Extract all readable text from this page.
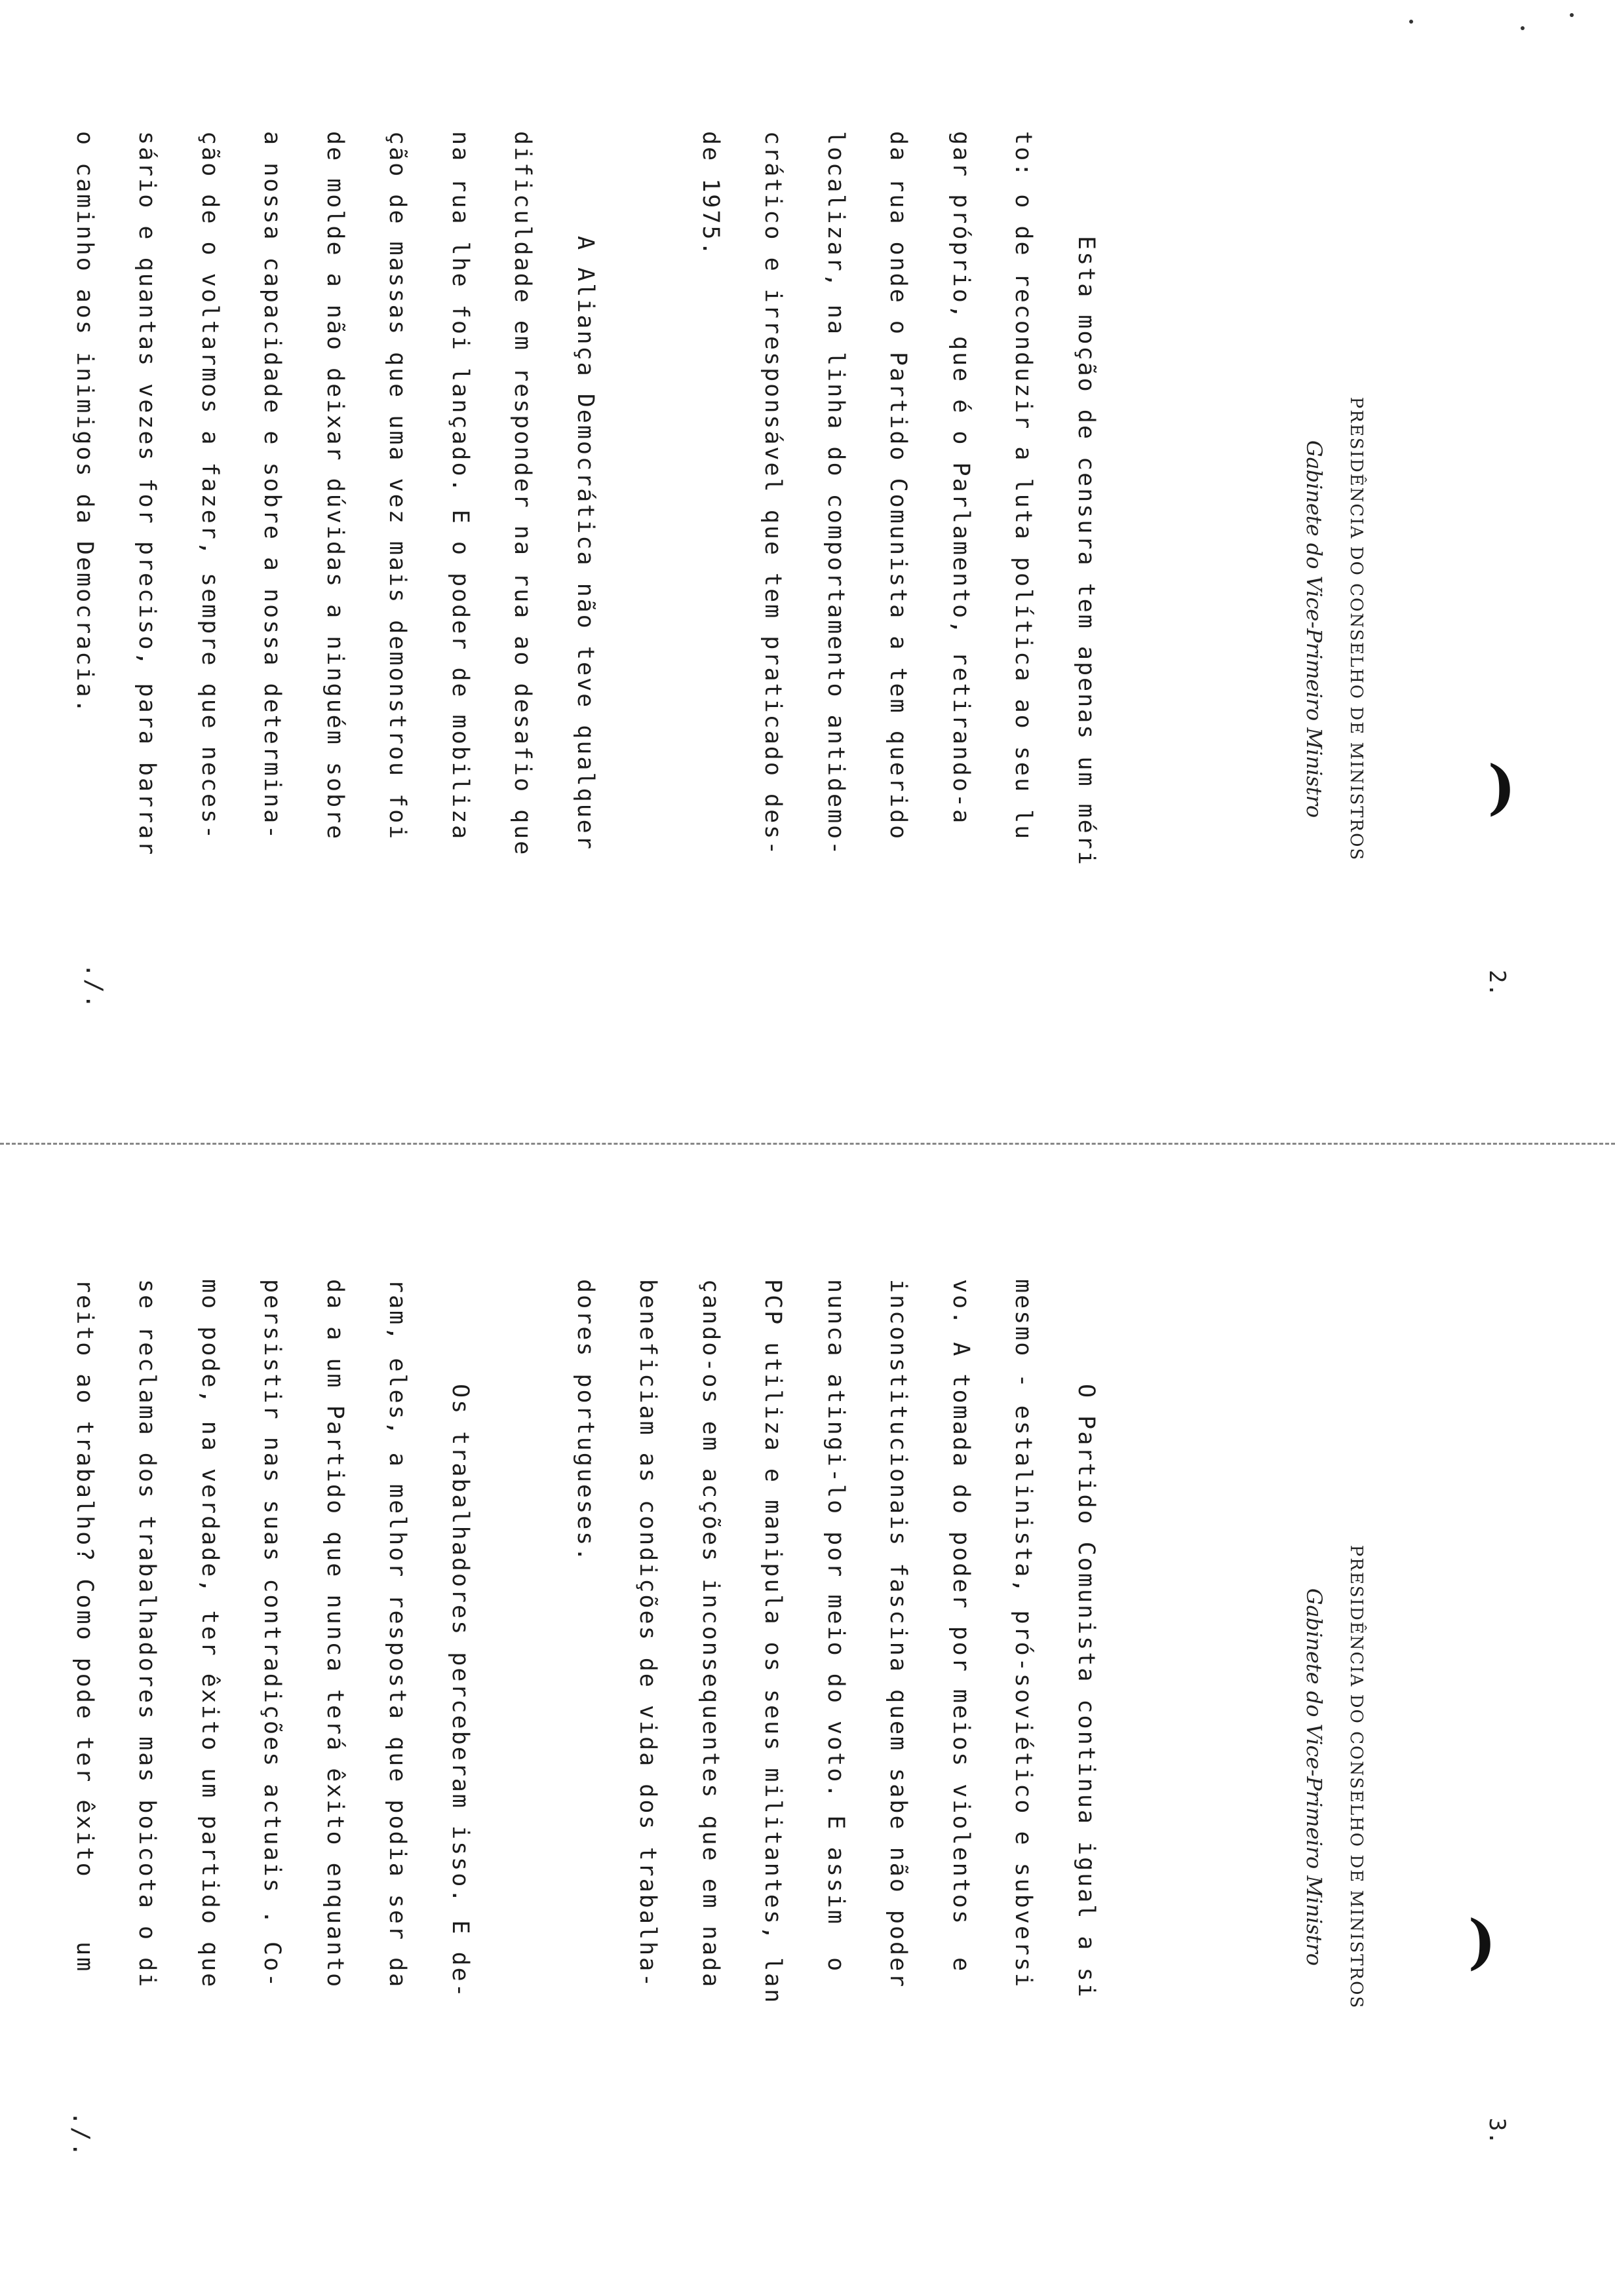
2.
)
PRESIDÊNCIA DO CONSELHO DE MINISTROS
Gabinete do Vice-Primeiro Ministro
Esta moção de censura tem apenas um méri
to: o de reconduzir a luta política ao seu lu
gar próprio, que é o Parlamento, retirando-a
da rua onde o Partido Comunista a tem querido
localizar, na linha do comportamento antidemo-
crático e irresponsável que tem praticado des-
de 1975.
A Aliança Democrática não teve qualquer
dificuldade em responder na rua ao desafio que
na rua lhe foi lançado. E o poder de mobiliza
ção de massas que uma vez mais demonstrou foi
de molde a não deixar dúvidas a ninguém sobre
a nossa capacidade e sobre a nossa determina-
ção de o voltarmos a fazer, sempre que neces-
sário e quantas vezes for preciso, para barrar
o caminho aos inimigos da Democracia.
./.
3.
)
PRESIDÊNCIA DO CONSELHO DE MINISTROS
Gabinete do Vice-Primeiro Ministro
O Partido Comunista continua igual a si
mesmo - estalinista, pró-soviético e subversi
vo. A tomada do poder por meios violentos  e
inconstitucionais fascina quem sabe não poder
nunca atingi-lo por meio do voto. E assim  o
PCP utiliza e manipula os seus militantes, lan
çando-os em acções inconsequentes que em nada
beneficiam as condições de vida dos trabalha-
dores portugueses.
Os trabalhadores perceberam isso. E de-
ram, eles, a melhor resposta que podia ser da
da a um Partido que nunca terá êxito enquanto
persistir nas suas contradições actuais . Co-
mo pode, na verdade, ter êxito um partido que
se reclama dos trabalhadores mas boicota o di
reito ao trabalho? Como pode ter êxito    um
./.
